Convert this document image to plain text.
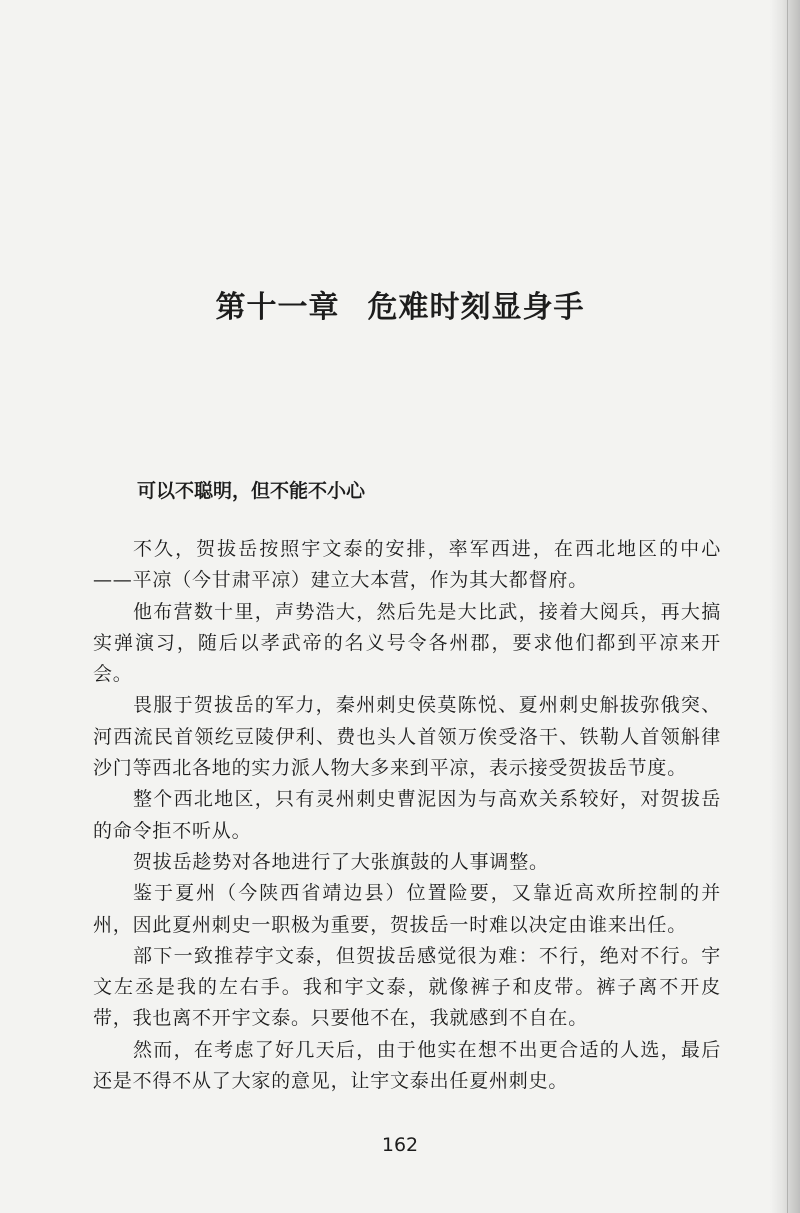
第十一章 危难时刻显身手
可以不聪明，但不能不小心

不久，贺拔岳按照宇文泰的安排，率军西进，在西北地区的中心——平凉（今甘肃平凉）建立大本营，作为其大都督府。

他布营数十里，声势浩大，然后先是大比武，接着大阅兵，再大搞实弹演习，随后以孝武帝的名义号令各州郡，要求他们都到平凉来开会。

畏服于贺拔岳的军力，秦州刺史侯莫陈悦、夏州刺史斛拔弥俄突、河西流民首领纥豆陵伊利、费也头人首领万俟受洛干、铁勒人首领斛律沙门等西北各地的实力派人物大多来到平凉，表示接受贺拔岳节度。

整个西北地区，只有灵州刺史曹泥因为与高欢关系较好，对贺拔岳的命令拒不听从。

贺拔岳趁势对各地进行了大张旗鼓的人事调整。

鉴于夏州（今陕西省靖边县）位置险要，又靠近高欢所控制的并州，因此夏州刺史一职极为重要，贺拔岳一时难以决定由谁来出任。

部下一致推荐宇文泰，但贺拔岳感觉很为难：不行，绝对不行。宇文左丞是我的左右手。我和宇文泰，就像裤子和皮带。裤子离不开皮带，我也离不开宇文泰。只要他不在，我就感到不自在。

然而，在考虑了好几天后，由于他实在想不出更合适的人选，最后还是不得不从了大家的意见，让宇文泰出任夏州刺史。

162
